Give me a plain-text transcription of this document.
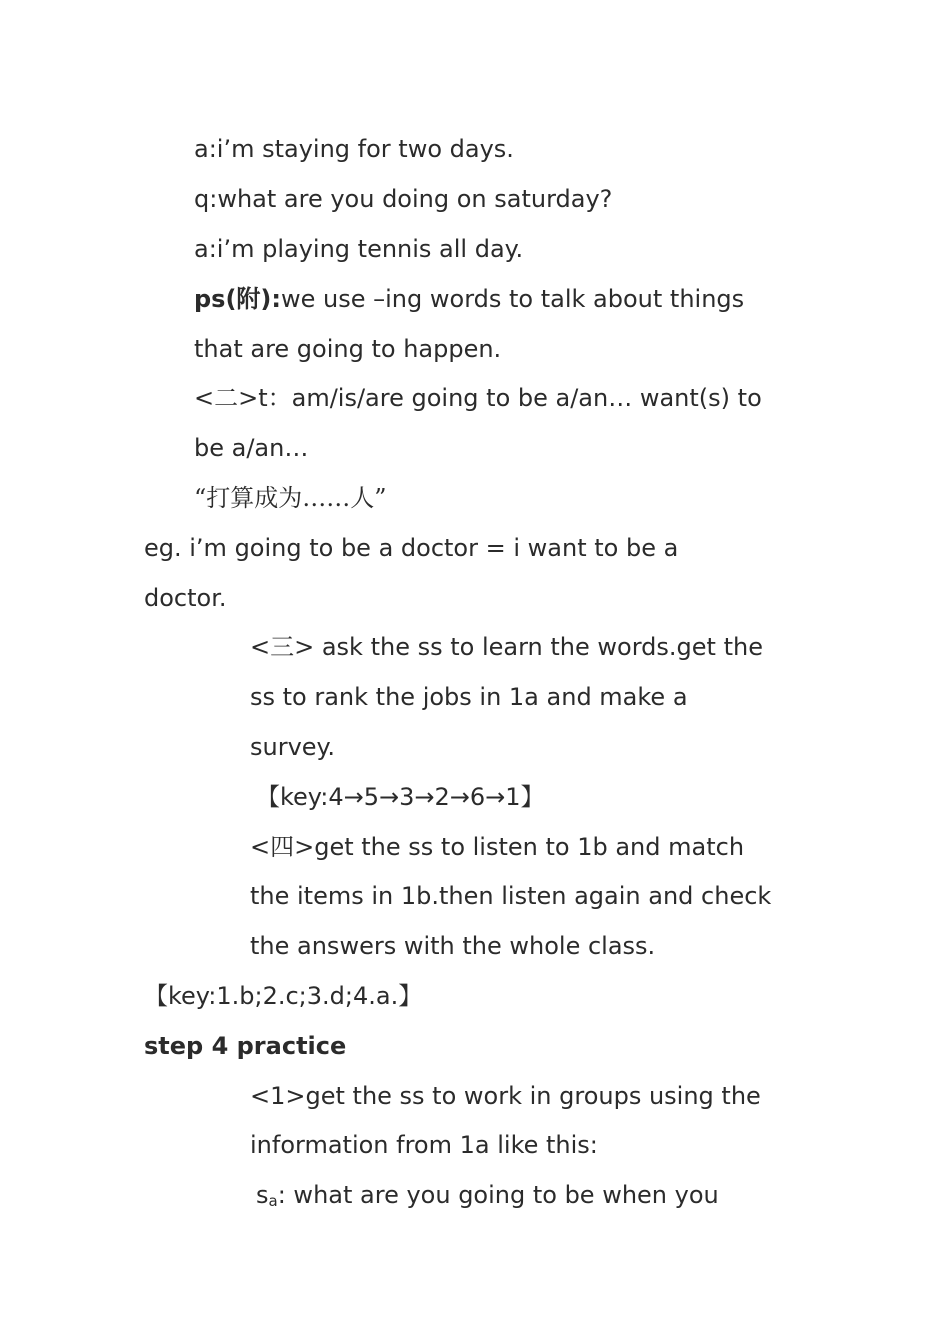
a:i’m staying for two days.
q:what are you doing on saturday?
a:i’m playing tennis all day.
ps(附):we use –ing words to talk about things
that are going to happen.
<二>t：am/is/are going to be a/an… want(s) to
be a/an…
“打算成为……人”
eg. i’m going to be a doctor = i want to be a
doctor.
<三> ask the ss to learn the words.get the
ss to rank the jobs in 1a and make a
survey.
【key:4→5→3→2→6→1】
<四>get the ss to listen to 1b and match
the items in 1b.then listen again and check
the answers with the whole class.
【key:1.b;2.c;3.d;4.a.】
step 4 practice
<1>get the ss to work in groups using the
information from 1a like this:
$s_a$: what are you going to be when you
